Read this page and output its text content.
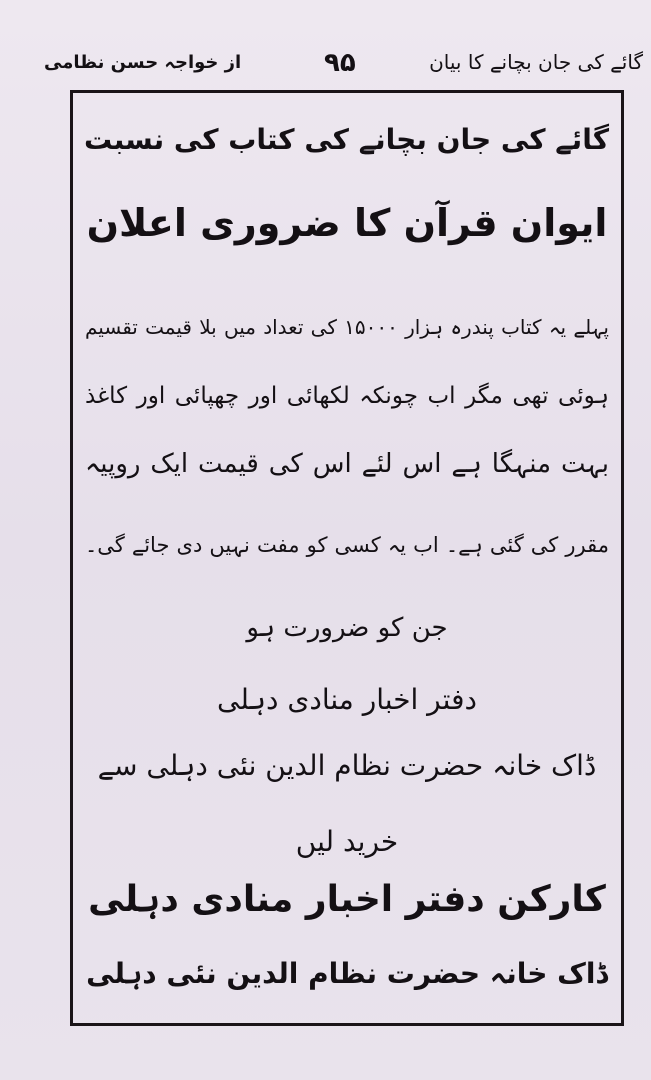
گائے کی جان بچانے کا بیان
۹۵
از خواجہ حسن نظامی
گائے کی جان بچانے کی کتاب کی نسبت
ایوان قرآن کا ضروری اعلان
پہلے یہ کتاب پندرہ ہزار ۱۵۰۰۰ کی تعداد میں بلا قیمت تقسیم
ہوئی تھی مگر اب چونکہ لکھائی اور چھپائی اور کاغذ
بہت منہگا ہے اس لئے اس کی قیمت ایک روپیہ
مقرر کی گئی ہے۔ اب یہ کسی کو مفت نہیں دی جائے گی۔
جن کو ضرورت ہو
دفتر اخبار منادی دہلی
ڈاک خانہ حضرت نظام الدین نئی دہلی سے
خرید لیں
کارکن دفتر اخبار منادی دہلی
ڈاک خانہ حضرت نظام الدین نئی دہلی
